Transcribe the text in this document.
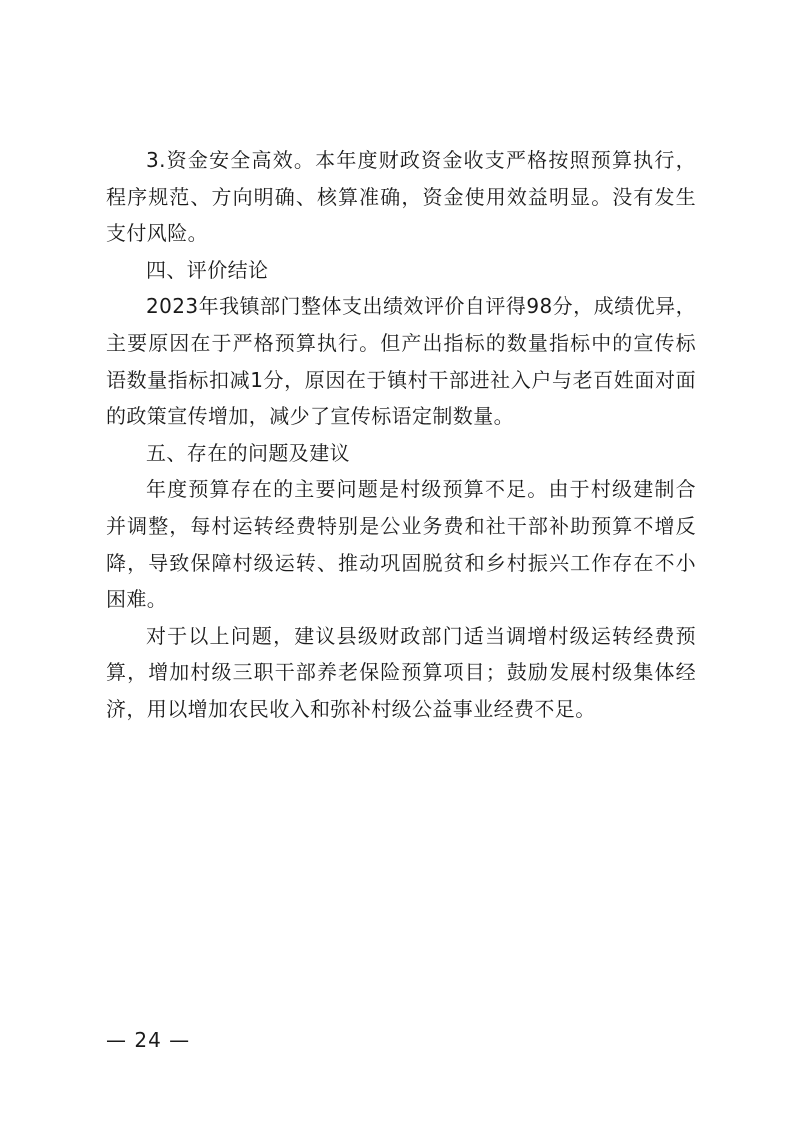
3.资金安全高效。本年度财政资金收支严格按照预算执行，程序规范、方向明确、核算准确，资金使用效益明显。没有发生支付风险。

四、评价结论

2023年我镇部门整体支出绩效评价自评得98分，成绩优异，主要原因在于严格预算执行。但产出指标的数量指标中的宣传标语数量指标扣减1分，原因在于镇村干部进社入户与老百姓面对面的政策宣传增加，减少了宣传标语定制数量。

五、存在的问题及建议

年度预算存在的主要问题是村级预算不足。由于村级建制合并调整，每村运转经费特别是公业务费和社干部补助预算不增反降，导致保障村级运转、推动巩固脱贫和乡村振兴工作存在不小困难。

对于以上问题，建议县级财政部门适当调增村级运转经费预算，增加村级三职干部养老保险预算项目；鼓励发展村级集体经济，用以增加农民收入和弥补村级公益事业经费不足。

— 24 —
